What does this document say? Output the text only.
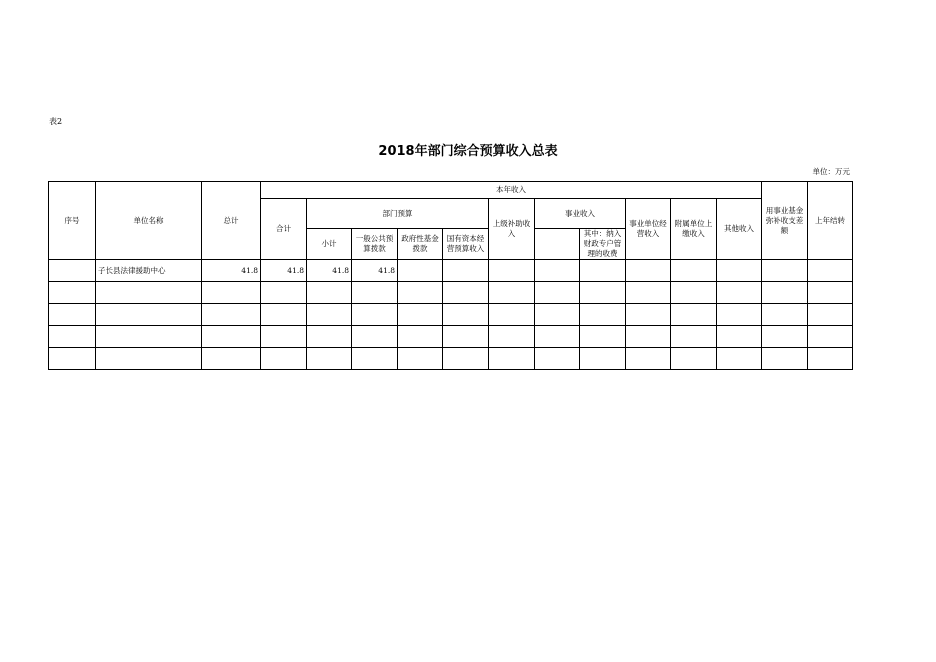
表2
2018年部门综合预算收入总表
单位：万元
序号	单位名称	总计	本年收入											用事业基金弥补收支差额	上年结转
			合计	部门预算				上级补助收入	事业收入		事业单位经营收入	附属单位上缴收入	其他收入		
				小计	一般公共预算拨款	政府性基金拨款	国有资本经营预算收入			其中：纳入财政专户管理的收费					
	子长县法律援助中心	41.8	41.8	41.8	41.8										
